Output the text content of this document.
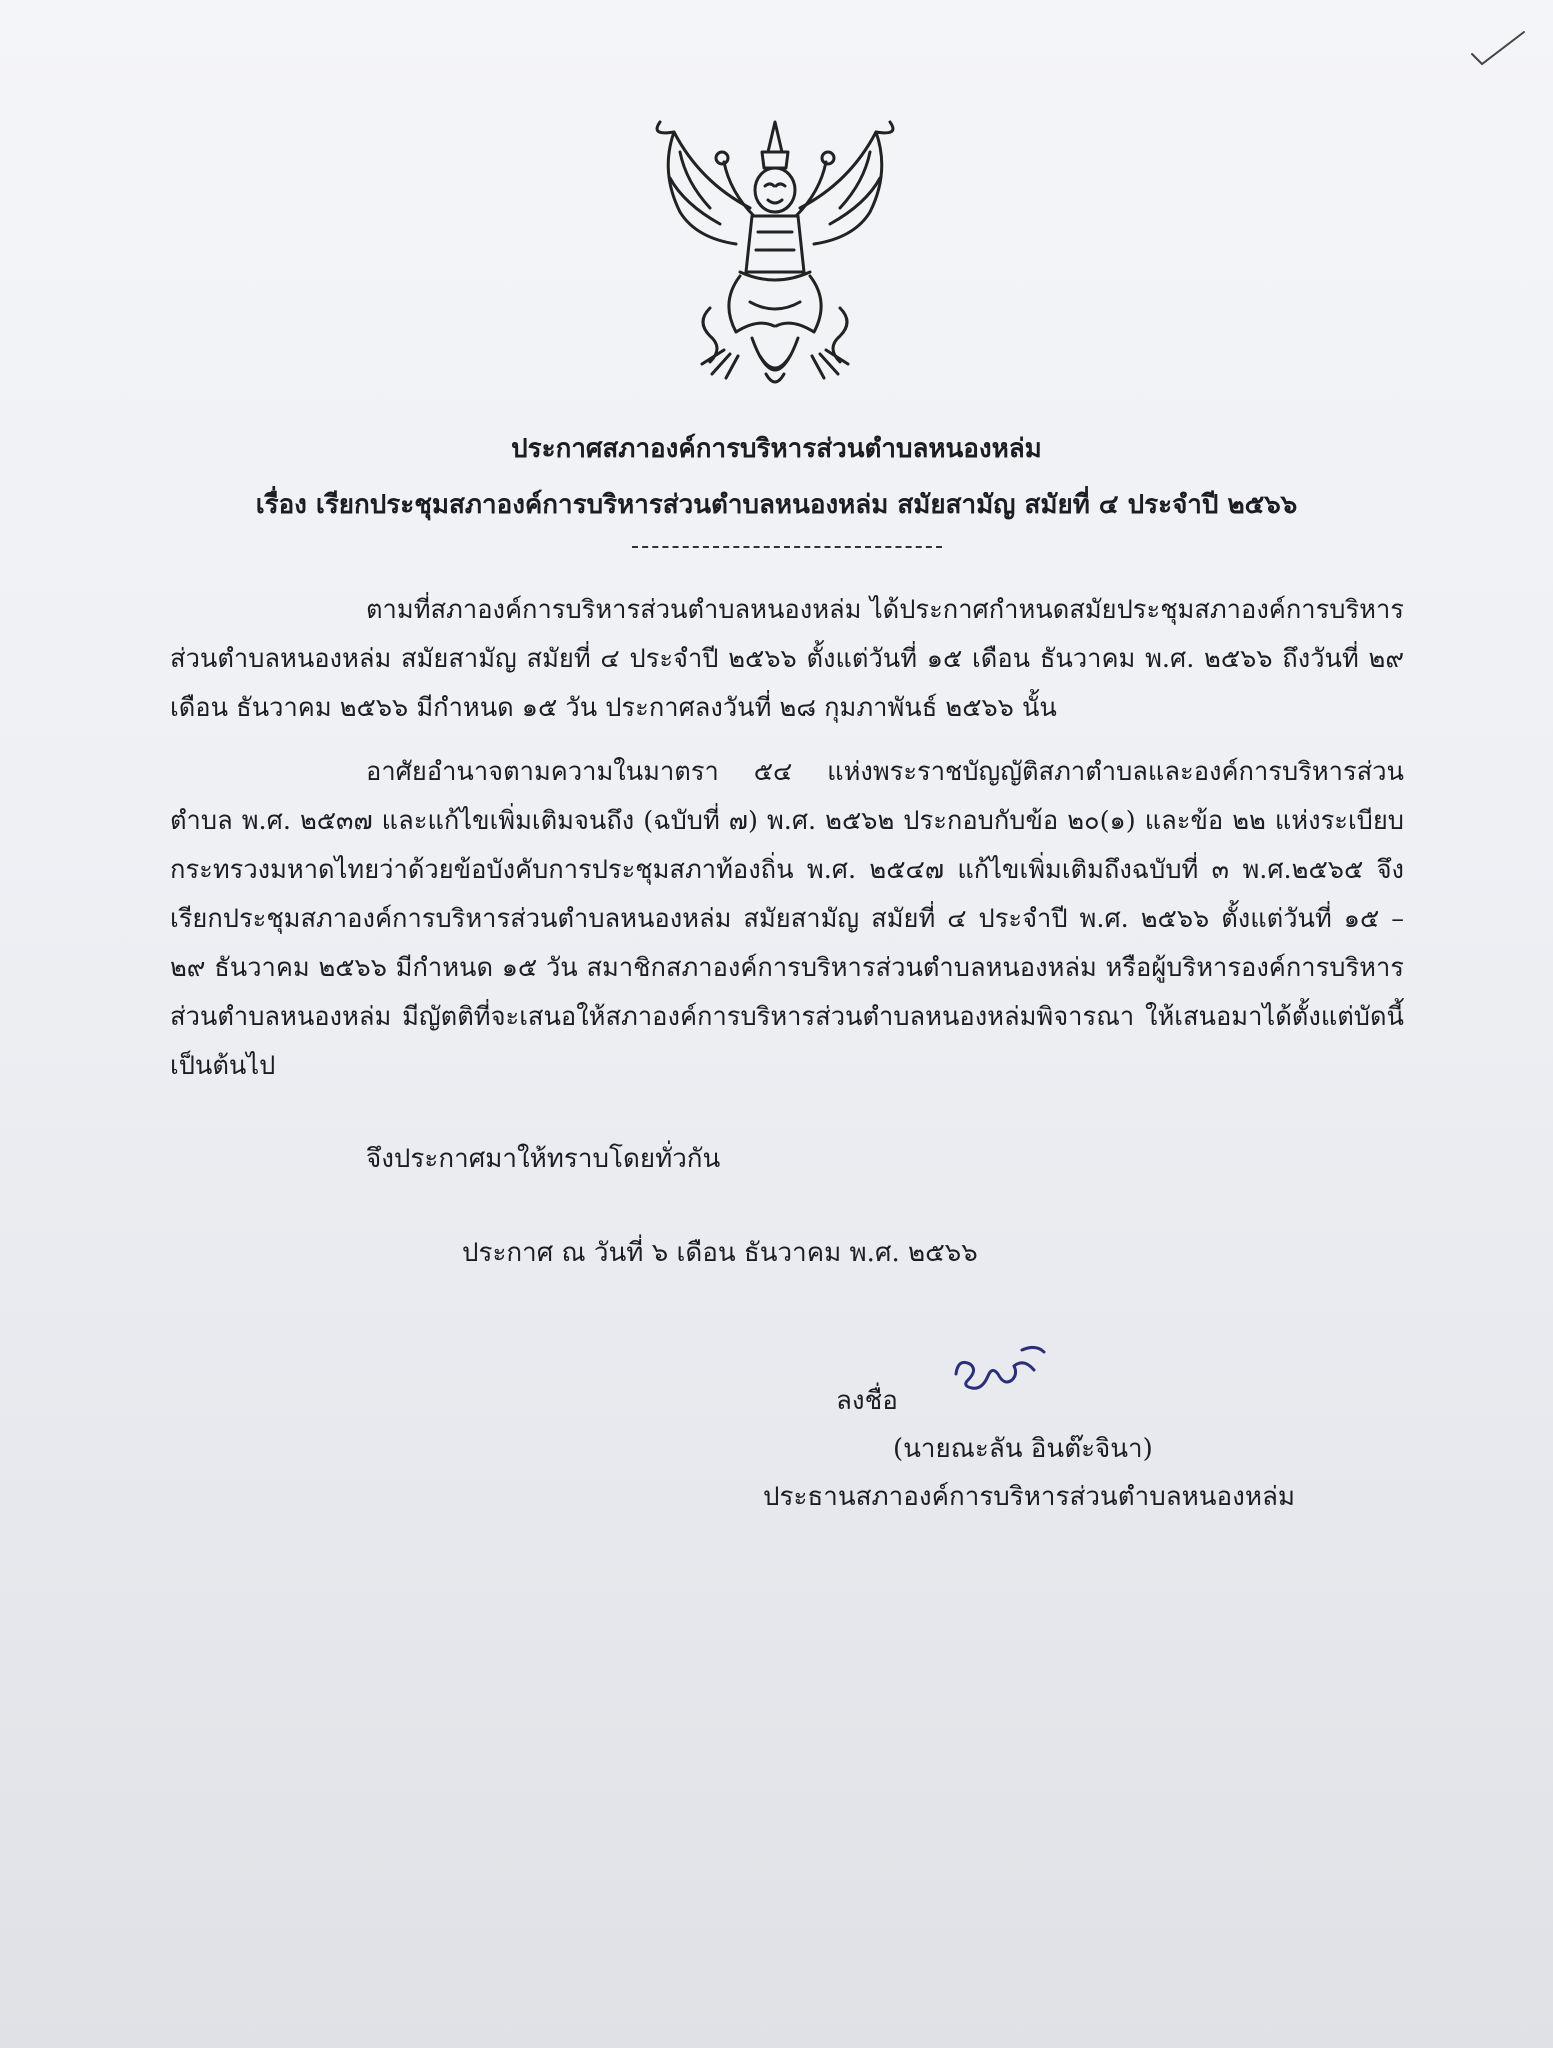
ประกาศสภาองค์การบริหารส่วนตำบลหนองหล่ม
เรื่อง เรียกประชุมสภาองค์การบริหารส่วนตำบลหนองหล่ม สมัยสามัญ สมัยที่ ๔ ประจำปี ๒๕๖๖

ตามที่สภาองค์การบริหารส่วนตำบลหนองหล่ม ได้ประกาศกำหนดสมัยประชุมสภาองค์การบริหารส่วนตำบลหนองหล่ม สมัยสามัญ สมัยที่ ๔ ประจำปี ๒๕๖๖ ตั้งแต่วันที่ ๑๕ เดือน ธันวาคม พ.ศ. ๒๕๖๖ ถึงวันที่ ๒๙ เดือน ธันวาคม ๒๕๖๖ มีกำหนด ๑๕ วัน ประกาศลงวันที่ ๒๘ กุมภาพันธ์ ๒๕๖๖ นั้น

อาศัยอำนาจตามความในมาตรา ๕๔ แห่งพระราชบัญญัติสภาตำบลและองค์การบริหารส่วนตำบล พ.ศ. ๒๕๓๗ และแก้ไขเพิ่มเติมจนถึง (ฉบับที่ ๗) พ.ศ. ๒๕๖๒ ประกอบกับข้อ ๒๐(๑) และข้อ ๒๒ แห่งระเบียบกระทรวงมหาดไทยว่าด้วยข้อบังคับการประชุมสภาท้องถิ่น พ.ศ. ๒๕๔๗ แก้ไขเพิ่มเติมถึงฉบับที่ ๓ พ.ศ.๒๕๖๕ จึงเรียกประชุมสภาองค์การบริหารส่วนตำบลหนองหล่ม สมัยสามัญ สมัยที่ ๔ ประจำปี พ.ศ. ๒๕๖๖ ตั้งแต่วันที่ ๑๕ – ๒๙ ธันวาคม ๒๕๖๖ มีกำหนด ๑๕ วัน สมาชิกสภาองค์การบริหารส่วนตำบลหนองหล่ม หรือผู้บริหารองค์การบริหารส่วนตำบลหนองหล่ม มีญัตติที่จะเสนอให้สภาองค์การบริหารส่วนตำบลหนองหล่มพิจารณา ให้เสนอมาได้ตั้งแต่บัดนี้เป็นต้นไป

จึงประกาศมาให้ทราบโดยทั่วกัน
ประกาศ ณ วันที่ ๖ เดือน ธันวาคม พ.ศ. ๒๕๖๖
ลงชื่อ
(นายณะลัน อินต๊ะจินา)
ประธานสภาองค์การบริหารส่วนตำบลหนองหล่ม
